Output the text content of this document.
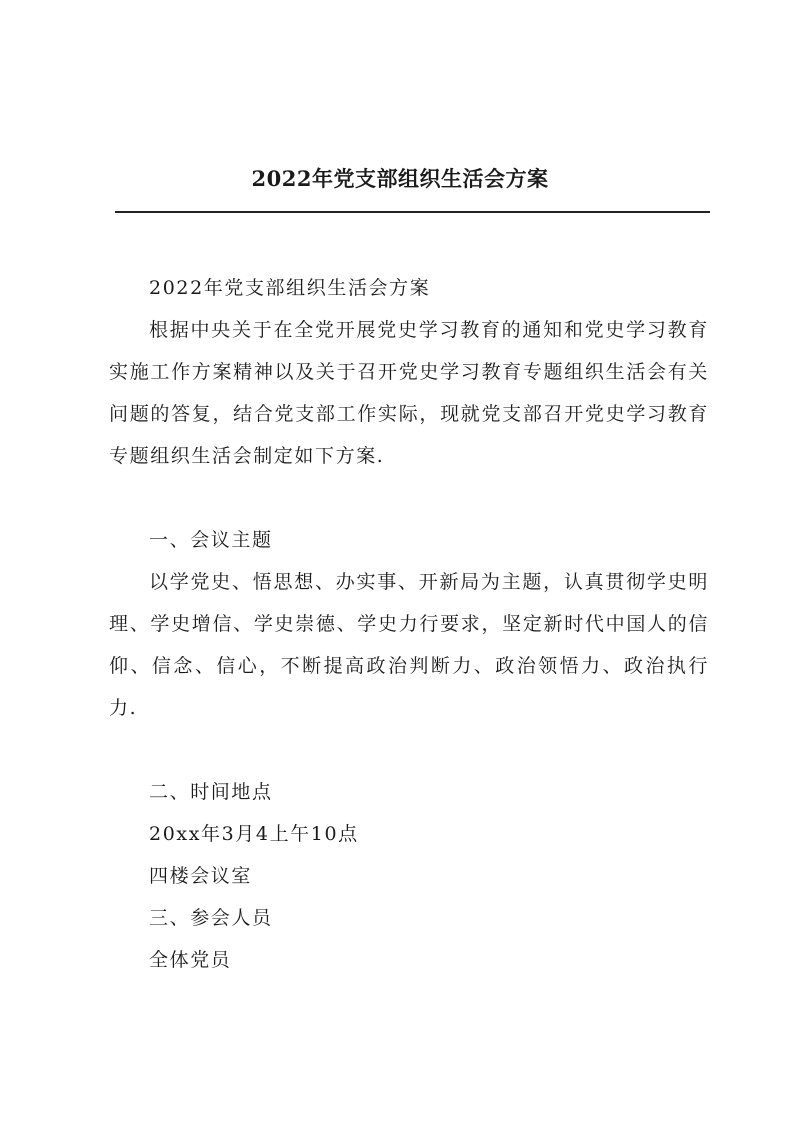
2022年党支部组织生活会方案

2022年党支部组织生活会方案

根据中央关于在全党开展党史学习教育的通知和党史学习教育实施工作方案精神以及关于召开党史学习教育专题组织生活会有关问题的答复，结合党支部工作实际，现就党支部召开党史学习教育专题组织生活会制定如下方案.

一、会议主题

以学党史、悟思想、办实事、开新局为主题，认真贯彻学史明理、学史增信、学史崇德、学史力行要求，坚定新时代中国人的信仰、信念、信心，不断提高政治判断力、政治领悟力、政治执行力.

二、时间地点

20xx年3月4上午10点

四楼会议室

三、参会人员

全体党员
